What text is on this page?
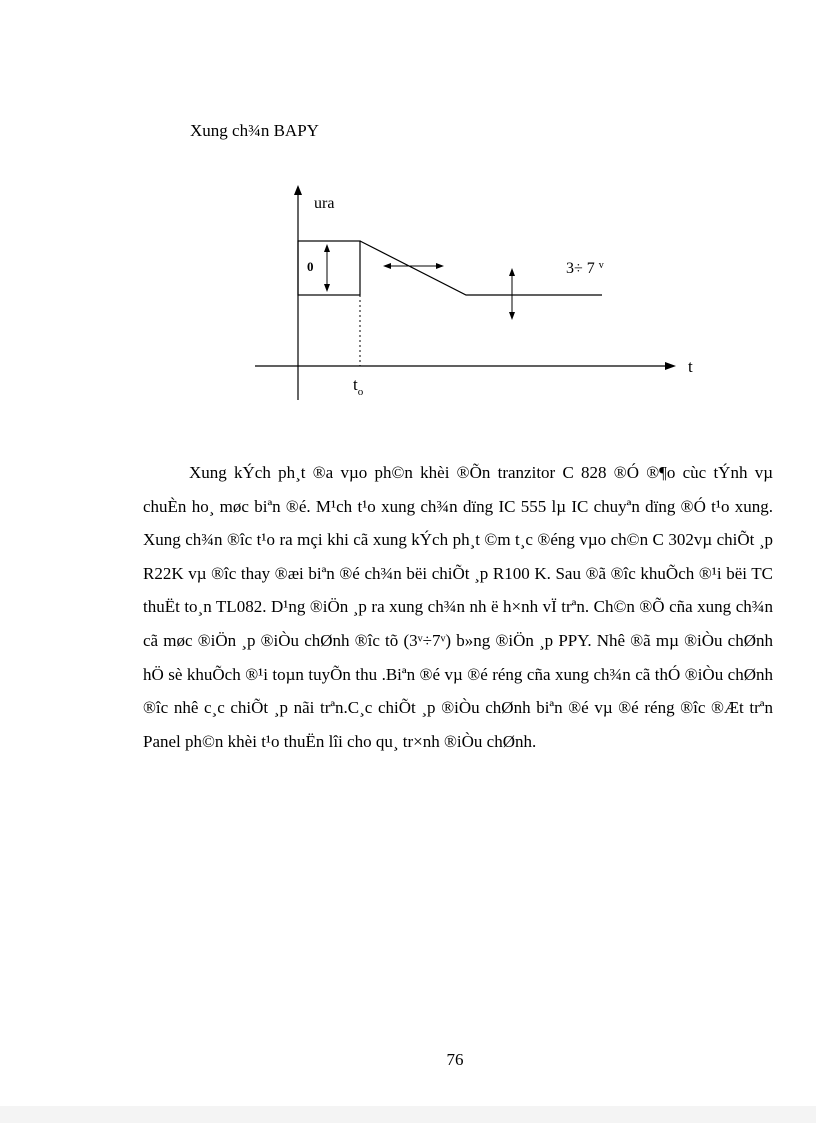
Xung ch¾n BAPY
ura
t
0
$t_o$
3÷ 7 $^v$

Xung kÝch ph¸t ®a vµo ph©n khèi ®Õn tranzitor C 828 ®Ó ®¶o cùc tÝnh vµ chuÈn ho¸ møc biªn ®é. M¹ch t¹o xung ch¾n dïng IC 555 lµ IC chuyªn dïng ®Ó t¹o xung. Xung ch¾n ®îc t¹o ra mçi khi cã xung kÝch ph¸t ©m t¸c ®éng vµo ch©n C 302vµ chiÕt ¸p R22K vµ ®îc thay ®æi biªn ®é ch¾n bëi chiÕt ¸p R100 K. Sau ®ã ®îc khuÕch ®¹i bëi TC thuËt to¸n TL082. D¹ng ®iÖn ¸p ra xung ch¾n nh ë h×nh vÏ trªn. Ch©n ®Õ cña xung ch¾n cã møc ®iÖn ¸p ®iÒu chØnh ®îc tõ (3ᵛ÷7ᵛ) b»ng ®iÖn ¸p PPY. Nhê ®ã mµ ®iÒu chØnh hÖ sè khuÕch ®¹i toµn tuyÕn thu .Biªn ®é vµ ®é réng cña xung ch¾n cã thÓ ®iÒu chØnh ®îc nhê c¸c chiÕt ¸p nãi trªn.C¸c chiÕt ¸p ®iÒu chØnh biªn ®é vµ ®é réng ®îc ®Æt trªn Panel ph©n khèi t¹o thuËn lîi cho qu¸ tr×nh ®iÒu chØnh.

76
